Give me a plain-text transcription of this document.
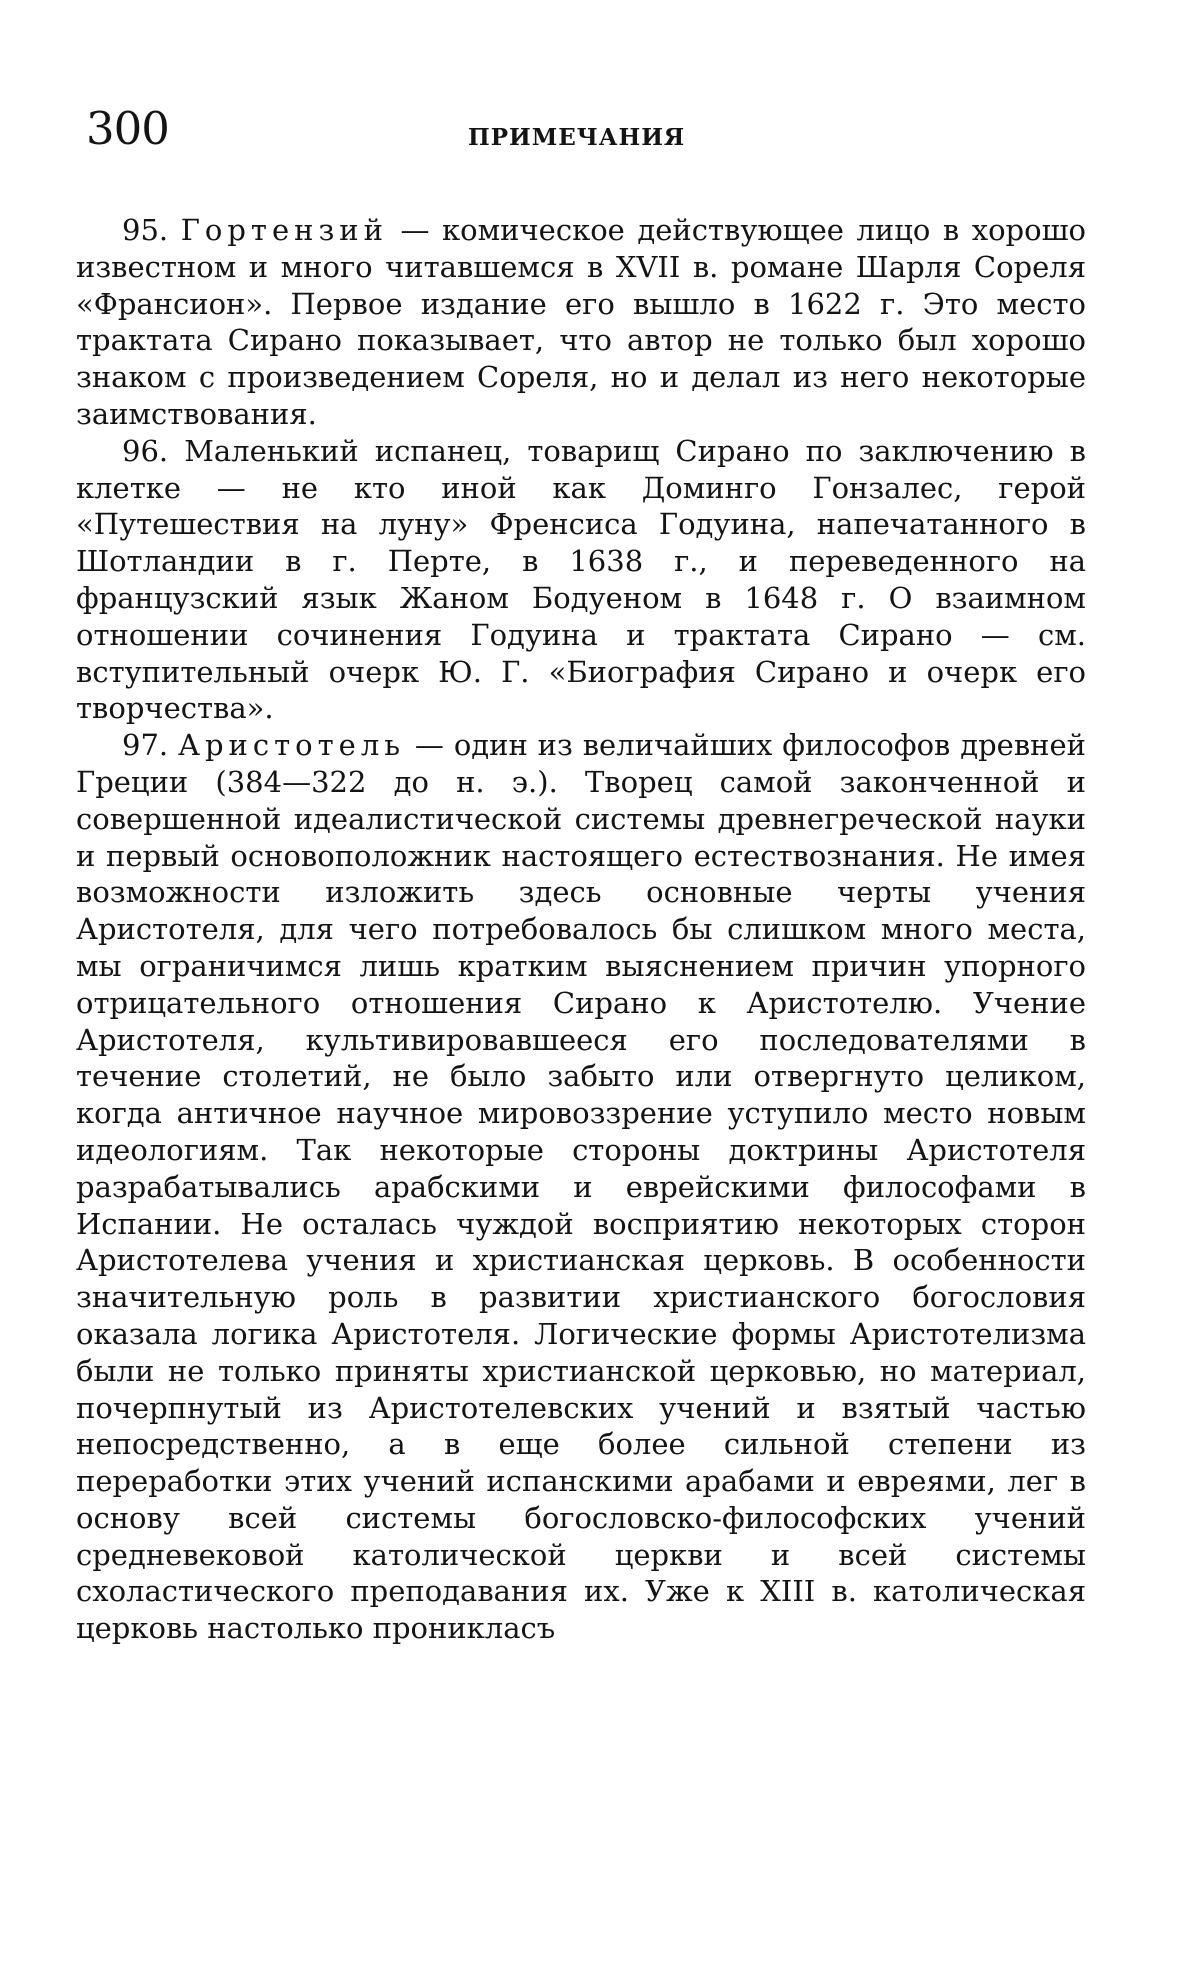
300	ПРИМЕЧАНИЯ

95. Гортензий — комическое действующее лицо в хорошо известном и много читавшемся в XVII в. романе Шарля Сореля «Франсион». Первое издание его вышло в 1622 г. Это место трактата Сирано показывает, что автор не только был хорошо знаком с произведением Сореля, но и делал из него некоторые заимствования.

96. Маленький испанец, товарищ Сирано по заключению в клетке — не кто иной как Доминго Гонзалес, герой «Путешествия на луну» Френсиса Годуина, напечатанного в Шотландии в г. Перте, в 1638 г., и переведенного на французский язык Жаном Бодуеном в 1648 г. О взаимном отношении сочинения Годуина и трактата Сирано — см. вступительный очерк Ю. Г. «Биография Сирано и очерк его творчества».

97. Аристотель — один из величайших философов древней Греции (384—322 до н. э.). Творец самой законченной и совершенной идеалистической системы древнегреческой науки и первый основоположник настоящего естествознания. Не имея возможности изложить здесь основные черты учения Аристотеля, для чего потребовалось бы слишком много места, мы ограничимся лишь кратким выяснением причин упорного отрицательного отношения Сирано к Аристотелю. Учение Аристотеля, культивировавшееся его последователями в течение столетий, не было забыто или отвергнуто целиком, когда античное научное мировоззрение уступило место новым идеологиям. Так некоторые стороны доктрины Аристотеля разрабатывались арабскими и еврейскими философами в Испании. Не осталась чуждой восприятию некоторых сторон Аристотелева учения и христианская церковь. В особенности значительную роль в развитии христианского богословия оказала логика Аристотеля. Логические формы Аристотелизма были не только приняты христианской церковью, но материал, почерпнутый из Аристотелевских учений и взятый частью непосредственно, а в еще более сильной степени из переработки этих учений испанскими арабами и евреями, лег в основу всей системы богословско-философских учений средневековой католической церкви и всей системы схоластического преподавания их. Уже к XIII в. католическая церковь настолько проникласъ
